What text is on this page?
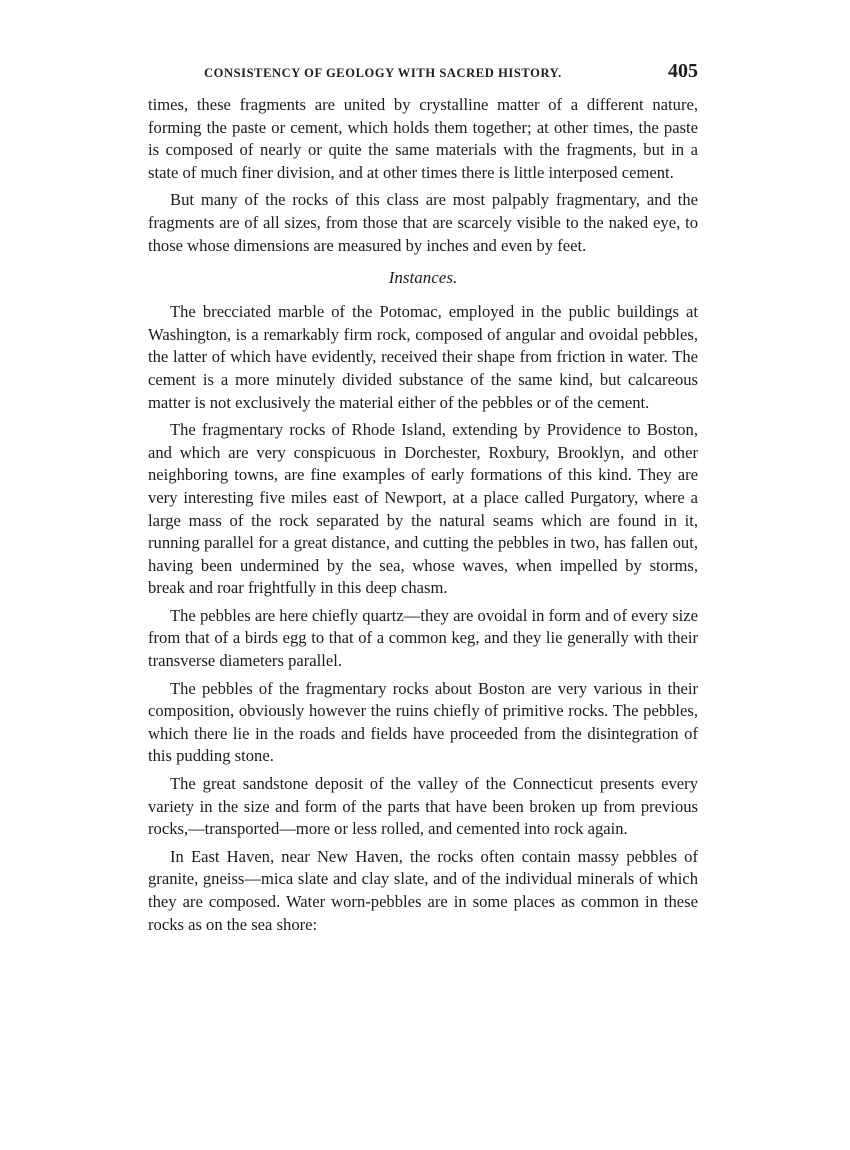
CONSISTENCY OF GEOLOGY WITH SACRED HISTORY.	405

times, these fragments are united by crystalline matter of a different nature, forming the paste or cement, which holds them together; at other times, the paste is composed of nearly or quite the same materials with the fragments, but in a state of much finer division, and at other times there is little interposed cement.

But many of the rocks of this class are most palpably fragmentary, and the fragments are of all sizes, from those that are scarcely visible to the naked eye, to those whose dimensions are measured by inches and even by feet.

Instances.

The brecciated marble of the Potomac, employed in the public buildings at Washington, is a remarkably firm rock, composed of angular and ovoidal pebbles, the latter of which have evidently, received their shape from friction in water. The cement is a more minutely divided substance of the same kind, but calcareous matter is not exclusively the material either of the pebbles or of the cement.

The fragmentary rocks of Rhode Island, extending by Providence to Boston, and which are very conspicuous in Dorchester, Roxbury, Brooklyn, and other neighboring towns, are fine examples of early formations of this kind. They are very interesting five miles east of Newport, at a place called Purgatory, where a large mass of the rock separated by the natural seams which are found in it, running parallel for a great distance, and cutting the pebbles in two, has fallen out, having been undermined by the sea, whose waves, when impelled by storms, break and roar frightfully in this deep chasm.

The pebbles are here chiefly quartz—they are ovoidal in form and of every size from that of a birds egg to that of a common keg, and they lie generally with their transverse diameters parallel.

The pebbles of the fragmentary rocks about Boston are very various in their composition, obviously however the ruins chiefly of primitive rocks. The pebbles, which there lie in the roads and fields have proceeded from the disintegration of this pudding stone.

The great sandstone deposit of the valley of the Connecticut presents every variety in the size and form of the parts that have been broken up from previous rocks,—transported—more or less rolled, and cemented into rock again.

In East Haven, near New Haven, the rocks often contain massy pebbles of granite, gneiss—mica slate and clay slate, and of the individual minerals of which they are composed. Water worn-pebbles are in some places as common in these rocks as on the sea shore:
